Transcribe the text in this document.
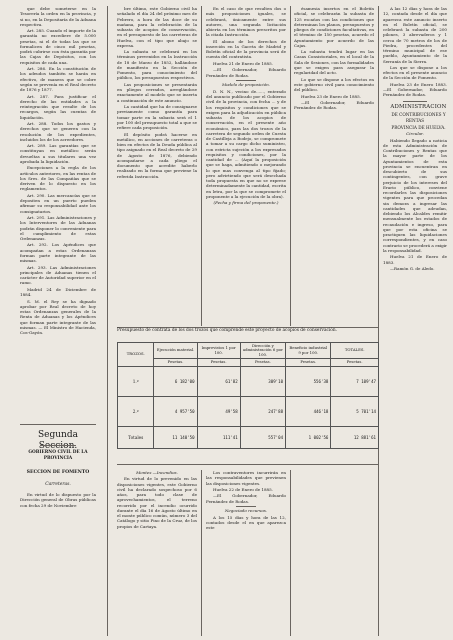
que debe someterse en la Tesorería la orden en la provincia, y si no, en la Depositaría de la Aduana respectiva.

Art. 285. Cuando el importe de la garantía no excediere de 5.000 pesetas, ni el de todas las que se formalicen de cinco mil pesetas, podrá cubrirse con ésta garantía por las Cajas de Depósitos, con los requisitos de cada una.

Art. 286. En la constitución de los adeudos también se harán en efectivo, de manera que se cobre según se prevenía en el Real decreto de 1876 y 1877.

Art. 287. Para justificar el derecho de las entidades a la reintegración que resulte de los recargos, según las cuentas de liquidación.

Art. 288. Todos los gastos y derechos que se generen con la resolución de los expedientes, incluidos los de los acreedores.

Art. 289. Las garantías que se constituyan en metálico serán devueltas a sus titulares una vez aprobada la liquidación.

Excepciones a la regla de los artículos anteriores, en las rentas de los Sres. de las Compañías que se deriven de lo dispuesto en los reglamentos.

Art. 290. Las mercancías que se depositen en un puerto pueden afirmar su responsabilidad ante los consignatarios.

Art. 291. Las Administraciones y los Interventores de las Aduanas podrán disponer lo conveniente para el cumplimiento de estas Ordenanzas.

Art. 292. Los Apéndices que acompañan a estas Ordenanzas forman parte integrante de las mismas.

Art. 293. Las Administraciones principales de Aduanas tienen el carácter de Autoridad superior en el ramo.

Madrid 24 de Diciembre de 1884.

S. M. el Rey se ha dignado aprobar por Real decreto de hoy estas Ordenanzas generales de la Renta de Aduanas y los Apéndices que forman parte integrante de las mismas. — El Ministro de Hacienda, Cos-Gayón.

Segunda Seccion.
GOBIERNO CIVIL DE LA PROVINCIA
SECCION DE FOMENTO
Carreteras.

En virtud de lo dispuesto por la Dirección general de Obras públicas con fecha 29 de Noviembre

bre último, este Gobierno civil ha señalado el día 24 del próximo mes de Febrero, a hora de las doce de su mañana, para la celebración de la subasta de acopios de conservación, en el presupuesto de las carreteras de Huelva, con el tipo que abajo se expresa.

La subasta se celebrará en los términos prevenidos en la Instrucción de 18 de Marzo de 1852, hallándose de manifiesto en la Sección de Fomento, para conocimiento del público, los presupuestos respectivos.

Las proposiciones se presentarán en pliegos cerrados, arreglándose exactamente al modelo que se inserta a continuación de este anuncio.

La cantidad que ha de consignarse previamente como garantía para tomar parte en la subasta será el 1 por 100 del presupuesto total a que se refiere cada proposición.

El depósito podrá hacerse en metálico, en acciones de carreteras o bien en efectos de la Deuda pública al tipo asignado en el Real decreto de 29 de Agosto de 1876, debiendo acompañarse a cada pliego el documento que acredite haberlo realizado en la forma que previene la referida Instrucción.

En el caso de que resulten dos o más proposiciones iguales, se celebrará, únicamente entre sus autores, una segunda licitación abierta en los términos prescritos por la citada Instrucción.

El abono de los derechos de inserción en la Gaceta de Madrid y Boletín oficial de la provincia será de cuenta del contratista.

Huelva 21 de Enero de 1885.

—El Gobernador, Eduardo Fernández de Rodas.

Modelo de proposición.

D. N. N., vecino de......, enterado del anuncio publicado por el Gobierno civil de la provincia, con fecha ... y de los requisitos y condiciones que se exigen para la adjudicación en pública subasta de los acopios de conservación, en el presente año económico, para las dos trozos de la carretera de segundo orden de Cuesta de Castilleja a Bodejo, se compromete a tomar a su cargo dicho suministro, con estricta sujeción a los expresados requisitos y condiciones, por la cantidad de ... (Aquí la proposición que se haga, admitiendo o mejorando lo que mas convenga al tipo fijado; pero advirtiendo que será desechada toda propuesta en que no se exprese determinadamente la cantidad, escrita en letra, por la que se compromete el proponente a la ejecución de la obra).

(Fecha y firma del proponente.)

ésamesia insertos en el Boletín oficial, se celebrarán la subasta de 125 escaños con las condiciones que determinan los planos, presupuestos y pliegos de condiciones facultativas, en el término de 150 pesetas, acuerdo el Ayuntamiento por acuerdo de las Cajas.

La subasta tendrá lugar en las Casas Consistoriales, en el local de la Sala de Sesiones, con las formalidades que se exigen para asegurar la regularidad del acto.

Lo que se dispone a los efectos en este gobierno civil para conocimiento del público.

Huelva 23 de Enero de 1885.

—El Gobernador, Eduardo Fernández de Rodas.

A las 12 días y hora de las 12, contada desde el día que aparezca este anuncio inserto en el Boletín oficial, se celebrará la subasta de 200 pilones, 3 abrevaderos y 1 cerca de 70 metros de los de Piedra, procedentes del término municipal de ese pueblo, Ayuntamiento de la Serranía de la Sierra.

Los que se dispone a los efectos en el presente anuncio de la Sección de Fomento.

Huelva 23 de Enero 1883.—El Gobernador, Eduardo Fernández de Rodas.

ADMINISTRACION

DE CONTRIBUCIONES Y RENTAS

PROVINCIA DE HUELVA.

Circular.

Habiendo llegado a noticia de esta Administración de Contribuciones y Rentas que la mayor parte de los Ayuntamientos de esta provincia se encuentran en descubierto de sus contingentes, con grave perjuicio de los intereses del Erario público, conviene recordarles las disposiciones vigentes para que procedan sin demora a ingresar las cantidades que adeudan, debiendo los Alcaldes remitir mensualmente los estados de recaudación e ingreso, para que por esta oficina se practiquen las liquidaciones correspondientes, y en caso contrario se procederá a exigir la responsabilidad.

Huelva 21 de Enero de 1883.

—Ramón G. de Aledo.

Presupuesto de contrata de los dos trozos que comprende este proyecto de acopios de conservación.
TROZOS.	Ejecución material.	Imprevistos 1 por 100.	Dirección y administración 6 por 100.	Beneficio industrial 9 por 100.	TOTALES.
	Pesetas.	Pesetas.	Pesetas.	Pesetas.	Pesetas.
1.º	6 182'00	61'82	309'10	556'38	7 109'47
2.º	4 957'50	49'58	247'88	446'18	5 701'14
Totales	11 140'50	111'41	557'04	1 002'56	12 881'61

Montes —Incendios.

En virtud de lo prevenido en las disposiciones vigentes, este Gobierno civil ha declarado sospechoso por 6 años, para todo clase de aprovechamientos, el terreno recorrido por el incendio ocurrido durante el día 16 de Agosto último en el monte público común, número 3 del Catálogo y sitio Pino de la Cruz, de los propios de Cartaya.

Los contraventores incurrirán en las responsabilidades que previenen las disposiciones vigentes.

Huelva 22 de Enero de 1885.

—El Gobernador, Eduardo Fernández de Rodas.

Negociado recursos.

A los 15 días y hora de las 12, contados desde el en que aparezca este
